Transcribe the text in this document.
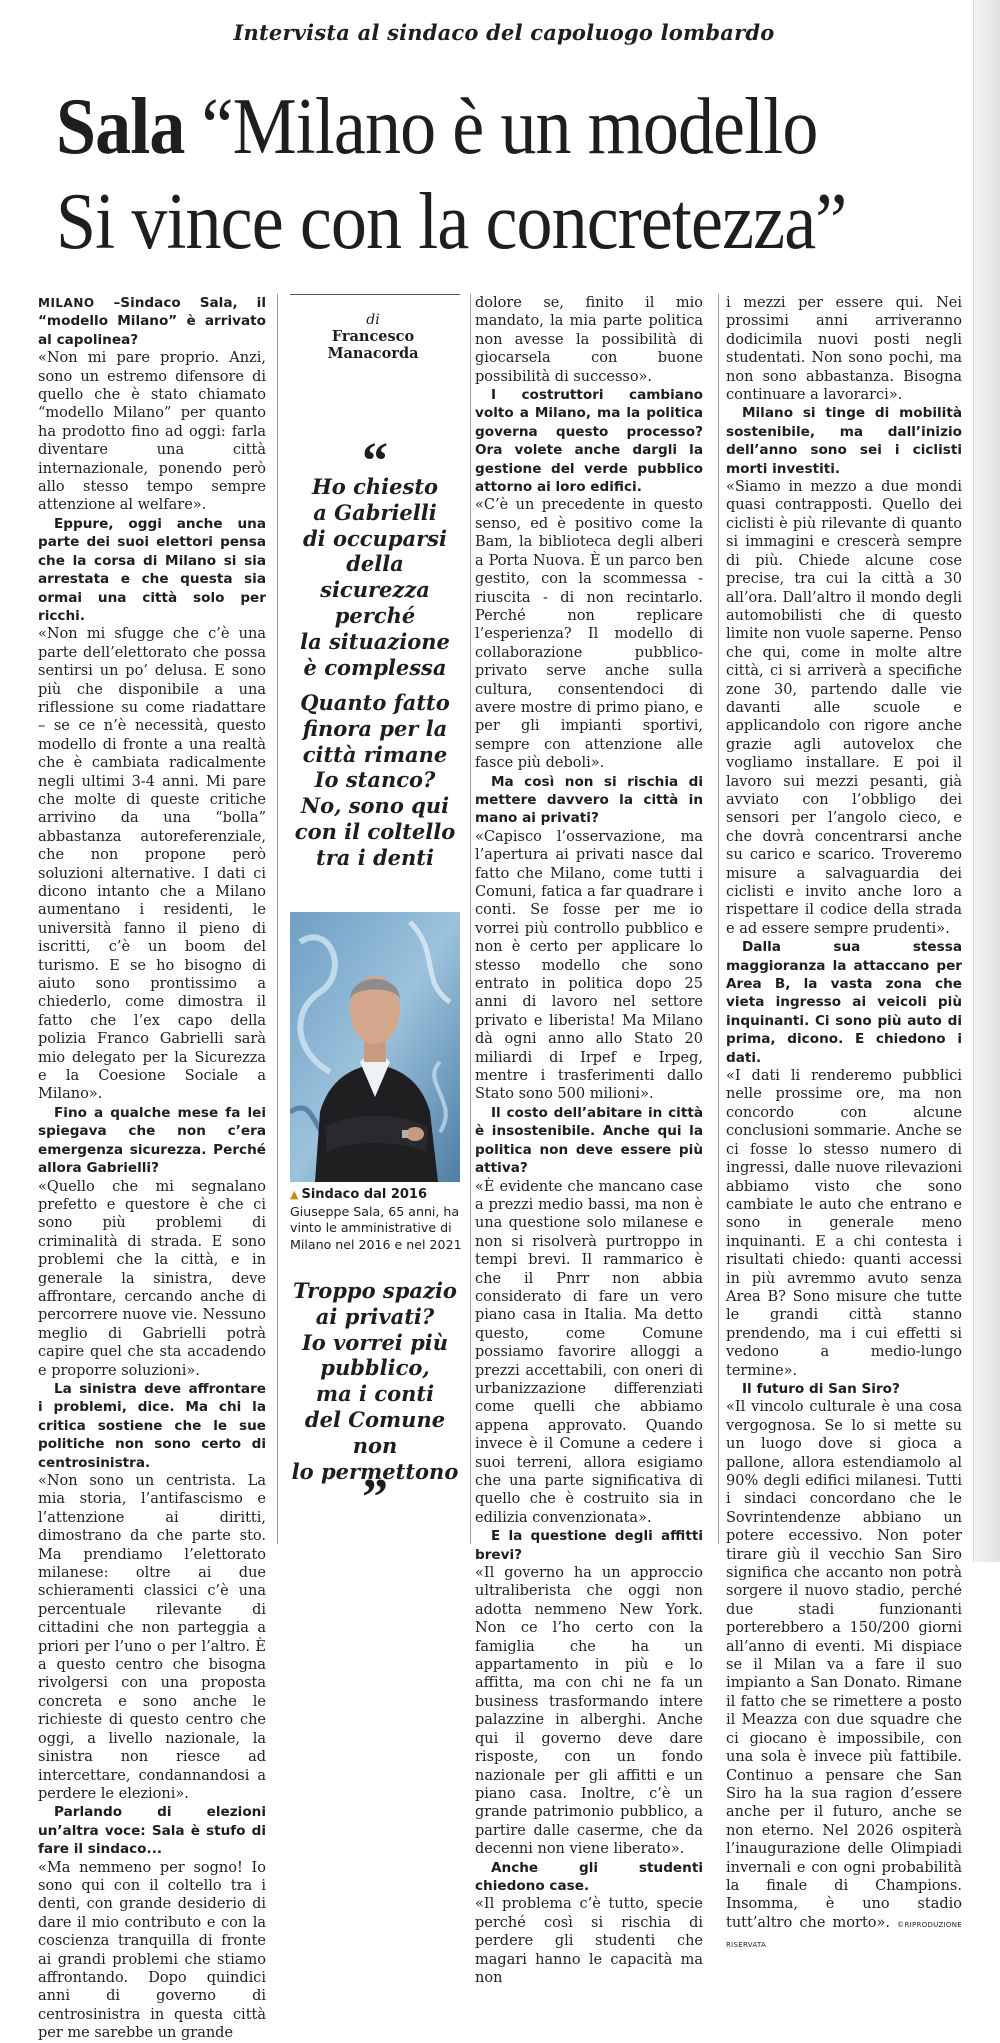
Intervista al sindaco del capoluogo lombardo
Sala “Milano è un modello
Si vince con la concretezza”

MILANO –Sindaco Sala, il “modello Milano” è arrivato al capolinea?

«Non mi pare proprio. Anzi, sono un estremo difensore di quello che è stato chiamato “modello Milano” per quanto ha prodotto fino ad oggi: farla diventare una città internazionale, ponendo però allo stesso tempo sempre attenzione al welfare».

Eppure, oggi anche una parte dei suoi elettori pensa che la corsa di Milano si sia arrestata e che questa sia ormai una città solo per ricchi.

«Non mi sfugge che c’è una parte dell’elettorato che possa sentirsi un po’ delusa. E sono più che disponibile a una riflessione su come riadattare – se ce n’è necessità, questo modello di fronte a una realtà che è cambiata radicalmente negli ultimi 3-4 anni. Mi pare che molte di queste critiche arrivino da una “bolla” abbastanza autoreferenziale, che non propone però soluzioni alternative. I dati ci dicono intanto che a Milano aumentano i residenti, le università fanno il pieno di iscritti, c’è un boom del turismo. E se ho bisogno di aiuto sono prontissimo a chiederlo, come dimostra il fatto che l’ex capo della polizia Franco Gabrielli sarà mio delegato per la Sicurezza e la Coesione Sociale a Milano».

Fino a qualche mese fa lei spiegava che non c’era emergenza sicurezza. Perché allora Gabrielli?

«Quello che mi segnalano prefetto e questore è che ci sono più problemi di criminalità di strada. E sono problemi che la città, e in generale la sinistra, deve affrontare, cercando anche di percorrere nuove vie. Nessuno meglio di Gabrielli potrà capire quel che sta accadendo e proporre soluzioni».

La sinistra deve affrontare i problemi, dice. Ma chi la critica sostiene che le sue politiche non sono certo di centrosinistra.

«Non sono un centrista. La mia storia, l’antifascismo e l’attenzione ai diritti, dimostrano da che parte sto. Ma prendiamo l’elettorato milanese: oltre ai due schieramenti classici c’è una percentuale rilevante di cittadini che non parteggia a priori per l’uno o per l’altro. È a questo centro che bisogna rivolgersi con una proposta concreta e sono anche le richieste di questo centro che oggi, a livello nazionale, la sinistra non riesce ad intercettare, condannandosi a perdere le elezioni».

Parlando di elezioni un’altra voce: Sala è stufo di fare il sindaco...

«Ma nemmeno per sogno! Io sono qui con il coltello tra i denti, con grande desiderio di dare il mio contributo e con la coscienza tranquilla di fronte ai grandi problemi che stiamo affrontando. Dopo quindici anni di governo di centrosinistra in questa città per me sarebbe un grande

di
Francesco Manacorda
“
Ho chiesto
a Gabrielli
di occuparsi
della sicurezza
perché
la situazione
è complessa
Quanto fatto
finora per la
città rimane
Io stanco?
No, sono qui
con il coltello
tra i denti
▲ Sindaco dal 2016
Giuseppe Sala, 65 anni, ha vinto le amministrative di Milano nel 2016 e nel 2021
Troppo spazio
ai privati?
Io vorrei più
pubblico,
ma i conti
del Comune non
lo permettono
”

dolore se, finito il mio mandato, la mia parte politica non avesse la possibilità di giocarsela con buone possibilità di successo».

I costruttori cambiano volto a Milano, ma la politica governa questo processo? Ora volete anche dargli la gestione del verde pubblico attorno ai loro edifici.

«C’è un precedente in questo senso, ed è positivo come la Bam, la biblioteca degli alberi a Porta Nuova. È un parco ben gestito, con la scommessa - riuscita - di non recintarlo. Perché non replicare l’esperienza? Il modello di collaborazione pubblico-privato serve anche sulla cultura, consentendoci di avere mostre di primo piano, e per gli impianti sportivi, sempre con attenzione alle fasce più deboli».

Ma così non si rischia di mettere davvero la città in mano ai privati?

«Capisco l’osservazione, ma l’apertura ai privati nasce dal fatto che Milano, come tutti i Comuni, fatica a far quadrare i conti. Se fosse per me io vorrei più controllo pubblico e non è certo per applicare lo stesso modello che sono entrato in politica dopo 25 anni di lavoro nel settore privato e liberista! Ma Milano dà ogni anno allo Stato 20 miliardi di Irpef e Irpeg, mentre i trasferimenti dallo Stato sono 500 milioni».

Il costo dell’abitare in città è insostenibile. Anche qui la politica non deve essere più attiva?

«È evidente che mancano case a prezzi medio bassi, ma non è una questione solo milanese e non si risolverà purtroppo in tempi brevi. Il rammarico è che il Pnrr non abbia considerato di fare un vero piano casa in Italia. Ma detto questo, come Comune possiamo favorire alloggi a prezzi accettabili, con oneri di urbanizzazione differenziati come quelli che abbiamo appena approvato. Quando invece è il Comune a cedere i suoi terreni, allora esigiamo che una parte significativa di quello che è costruito sia in edilizia convenzionata».

E la questione degli affitti brevi?

«Il governo ha un approccio ultraliberista che oggi non adotta nemmeno New York. Non ce l’ho certo con la famiglia che ha un appartamento in più e lo affitta, ma con chi ne fa un business trasformando intere palazzine in alberghi. Anche qui il governo deve dare risposte, con un fondo nazionale per gli affitti e un piano casa. Inoltre, c’è un grande patrimonio pubblico, a partire dalle caserme, che da decenni non viene liberato».

Anche gli studenti chiedono case.

«Il problema c’è tutto, specie perché così si rischia di perdere gli studenti che magari hanno le capacità ma non

i mezzi per essere qui. Nei prossimi anni arriveranno dodicimila nuovi posti negli studentati. Non sono pochi, ma non sono abbastanza. Bisogna continuare a lavorarci».

Milano si tinge di mobilità sostenibile, ma dall’inizio dell’anno sono sei i ciclisti morti investiti.

«Siamo in mezzo a due mondi quasi contrapposti. Quello dei ciclisti è più rilevante di quanto si immagini e crescerà sempre di più. Chiede alcune cose precise, tra cui la città a 30 all’ora. Dall’altro il mondo degli automobilisti che di questo limite non vuole saperne. Penso che qui, come in molte altre città, ci si arriverà a specifiche zone 30, partendo dalle vie davanti alle scuole e applicandolo con rigore anche grazie agli autovelox che vogliamo installare. E poi il lavoro sui mezzi pesanti, già avviato con l’obbligo dei sensori per l’angolo cieco, e che dovrà concentrarsi anche su carico e scarico. Troveremo misure a salvaguardia dei ciclisti e invito anche loro a rispettare il codice della strada e ad essere sempre prudenti».

Dalla sua stessa maggioranza la attaccano per Area B, la vasta zona che vieta ingresso ai veicoli più inquinanti. Ci sono più auto di prima, dicono. E chiedono i dati.

«I dati li renderemo pubblici nelle prossime ore, ma non concordo con alcune conclusioni sommarie. Anche se ci fosse lo stesso numero di ingressi, dalle nuove rilevazioni abbiamo visto che sono cambiate le auto che entrano e sono in generale meno inquinanti. E a chi contesta i risultati chiedo: quanti accessi in più avremmo avuto senza Area B? Sono misure che tutte le grandi città stanno prendendo, ma i cui effetti si vedono a medio-lungo termine».

Il futuro di San Siro?

«Il vincolo culturale è una cosa vergognosa. Se lo si mette su un luogo dove si gioca a pallone, allora estendiamolo al 90% degli edifici milanesi. Tutti i sindaci concordano che le Sovrintendenze abbiano un potere eccessivo. Non poter tirare giù il vecchio San Siro significa che accanto non potrà sorgere il nuovo stadio, perché due stadi funzionanti porterebbero a 150/200 giorni all’anno di eventi. Mi dispiace se il Milan va a fare il suo impianto a San Donato. Rimane il fatto che se rimettere a posto il Meazza con due squadre che ci giocano è impossibile, con una sola è invece più fattibile. Continuo a pensare che San Siro ha la sua ragion d’essere anche per il futuro, anche se non eterno. Nel 2026 ospiterà l’inaugurazione delle Olimpiadi invernali e con ogni probabilità la finale di Champions. Insomma, è uno stadio tutt’altro che morto». ©RIPRODUZIONE RISERVATA
